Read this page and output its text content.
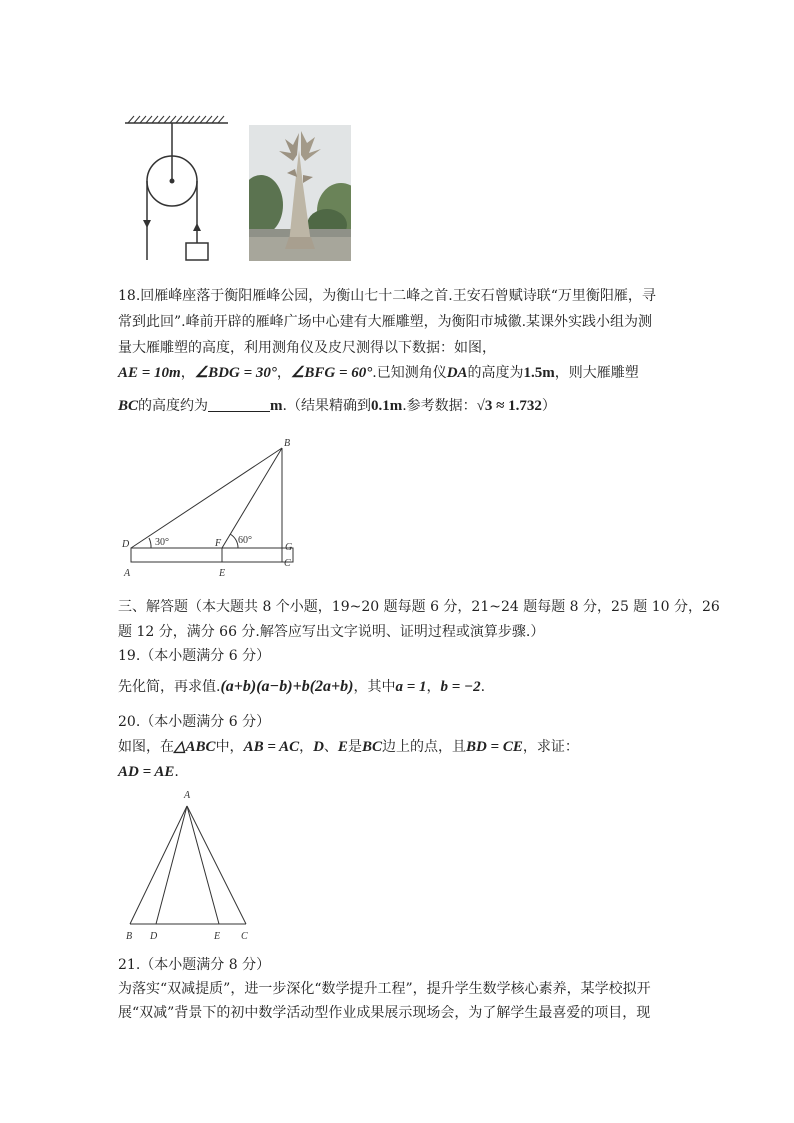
18.回雁峰座落于衡阳雁峰公园，为衡山七十二峰之首.王安石曾赋诗联“万里衡阳雁，寻
常到此回”.峰前开辟的雁峰广场中心建有大雁雕塑，为衡阳市城徽.某课外实践小组为测
量大雁雕塑的高度，利用测角仪及皮尺测得以下数据：如图，
AE = 10m，∠BDG = 30°，∠BFG = 60°.已知测角仪DA的高度为1.5m，则大雁雕塑
BC的高度约为	m.（结果精确到0.1m.参考数据：√3 ≈ 1.732）
B
D	F	G
A	E
C
30°	60°
三、解答题（本大题共 8 个小题，19~20 题每题 6 分，21~24 题每题 8 分，25 题 10 分，26
题 12 分，满分 66 分.解答应写出文字说明、证明过程或演算步骤.）
19.（本小题满分 6 分）
先化简，再求值.(a+b)(a−b)+b(2a+b)，其中a = 1，b = −2.
20.（本小题满分 6 分）
如图，在△ABC中，AB = AC，D、E是BC边上的点，且BD = CE，求证：
AD = AE.
A
B D	E C
21.（本小题满分 8 分）
为落实“双减提质”，进一步深化“数学提升工程”，提升学生数学核心素养，某学校拟开
展“双减”背景下的初中数学活动型作业成果展示现场会，为了解学生最喜爱的项目，现
